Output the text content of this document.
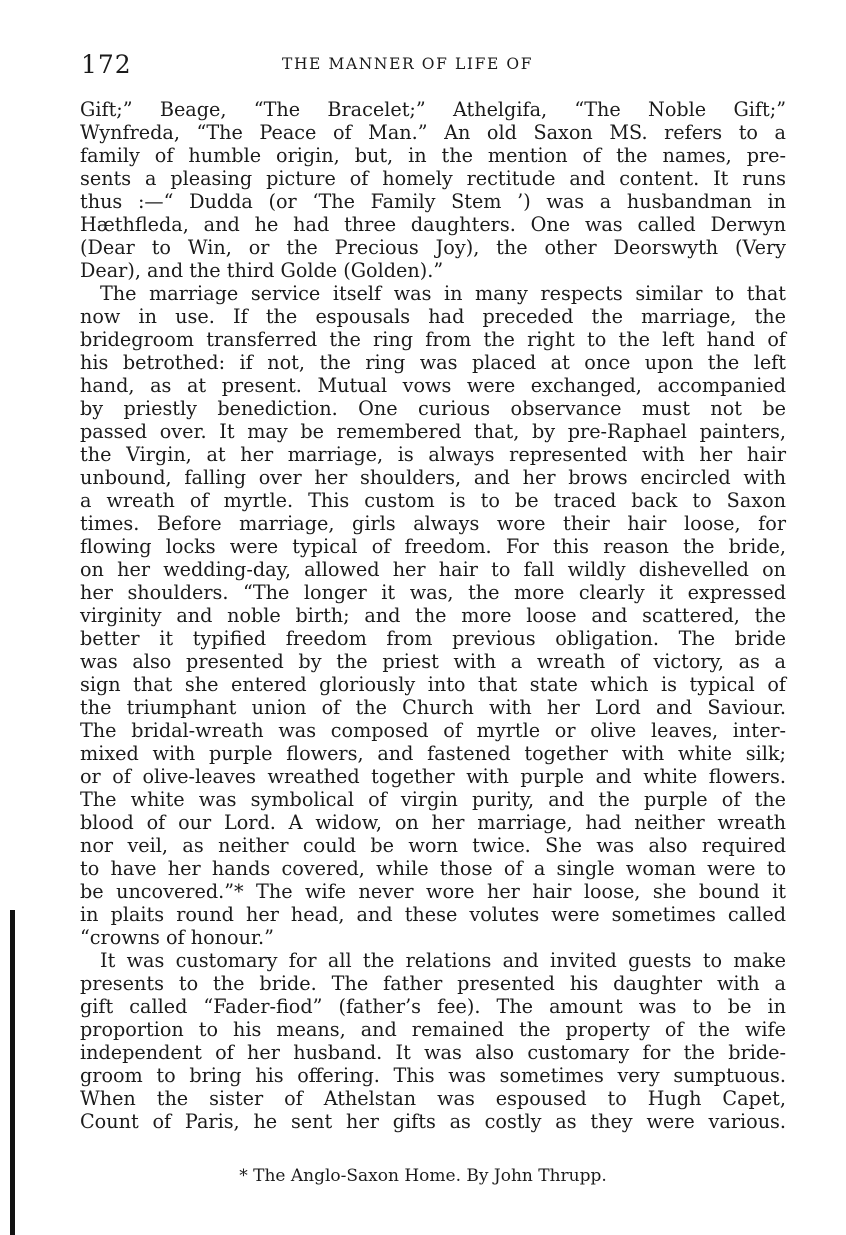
172	THE MANNER OF LIFE OF
Gift;” Beage, “The Bracelet;” Athelgifa, “The Noble Gift;”
Wynfreda, “The Peace of Man.” An old Saxon MS. refers to a
family of humble origin, but, in the mention of the names, pre-
sents a pleasing picture of homely rectitude and content. It runs
thus :—“ Dudda (or ‘The Family Stem ’) was a husbandman in
Hæthfleda, and he had three daughters. One was called Derwyn
(Dear to Win, or the Precious Joy), the other Deorswyth (Very
Dear), and the third Golde (Golden).”
The marriage service itself was in many respects similar to that
now in use. If the espousals had preceded the marriage, the
bridegroom transferred the ring from the right to the left hand of
his betrothed: if not, the ring was placed at once upon the left
hand, as at present. Mutual vows were exchanged, accompanied
by priestly benediction. One curious observance must not be
passed over. It may be remembered that, by pre-Raphael painters,
the Virgin, at her marriage, is always represented with her hair
unbound, falling over her shoulders, and her brows encircled with
a wreath of myrtle. This custom is to be traced back to Saxon
times. Before marriage, girls always wore their hair loose, for
flowing locks were typical of freedom. For this reason the bride,
on her wedding-day, allowed her hair to fall wildly dishevelled on
her shoulders. “The longer it was, the more clearly it expressed
virginity and noble birth; and the more loose and scattered, the
better it typified freedom from previous obligation. The bride
was also presented by the priest with a wreath of victory, as a
sign that she entered gloriously into that state which is typical of
the triumphant union of the Church with her Lord and Saviour.
The bridal-wreath was composed of myrtle or olive leaves, inter-
mixed with purple flowers, and fastened together with white silk;
or of olive-leaves wreathed together with purple and white flowers.
The white was symbolical of virgin purity, and the purple of the
blood of our Lord. A widow, on her marriage, had neither wreath
nor veil, as neither could be worn twice. She was also required
to have her hands covered, while those of a single woman were to
be uncovered.”* The wife never wore her hair loose, she bound it
in plaits round her head, and these volutes were sometimes called
“crowns of honour.”
It was customary for all the relations and invited guests to make
presents to the bride. The father presented his daughter with a
gift called “Fader-fiod” (father’s fee). The amount was to be in
proportion to his means, and remained the property of the wife
independent of her husband. It was also customary for the bride-
groom to bring his offering. This was sometimes very sumptuous.
When the sister of Athelstan was espoused to Hugh Capet,
Count of Paris, he sent her gifts as costly as they were various.
* The Anglo-Saxon Home. By John Thrupp.
